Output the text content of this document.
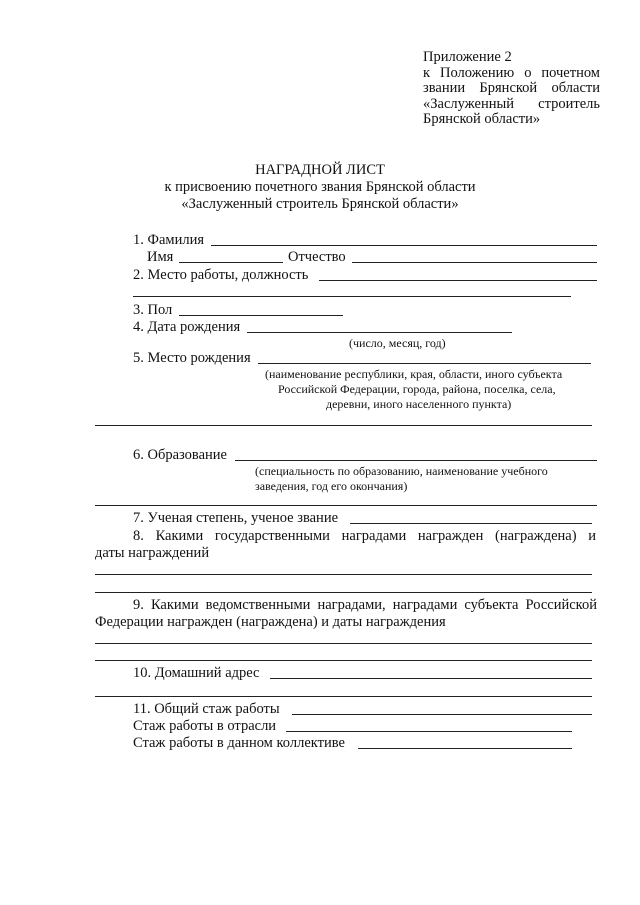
Приложение 2
к Положению о почетном
звании Брянской области
«Заслуженный строитель
Брянской области»
НАГРАДНОЙ ЛИСТ
к присвоению почетного звания Брянской области
«Заслуженный строитель Брянской области»
1. Фамилия
Имя	Отчество
2. Место работы, должность
3. Пол
4. Дата рождения
(число, месяц, год)
5. Место рождения
(наименование республики, края, области, иного субъекта
Российской Федерации, города, района, поселка, села,
деревни, иного населенного пункта)
6. Образование
(специальность по образованию, наименование учебного
заведения, год его окончания)
7. Ученая степень, ученое звание
8. Какими государственными наградами награжден (награждена) и
даты награждений
9. Какими ведомственными наградами, наградами субъекта Российской
Федерации награжден (награждена) и даты награждения
10. Домашний адрес
11. Общий стаж работы
Стаж работы в отрасли
Стаж работы в данном коллективе
